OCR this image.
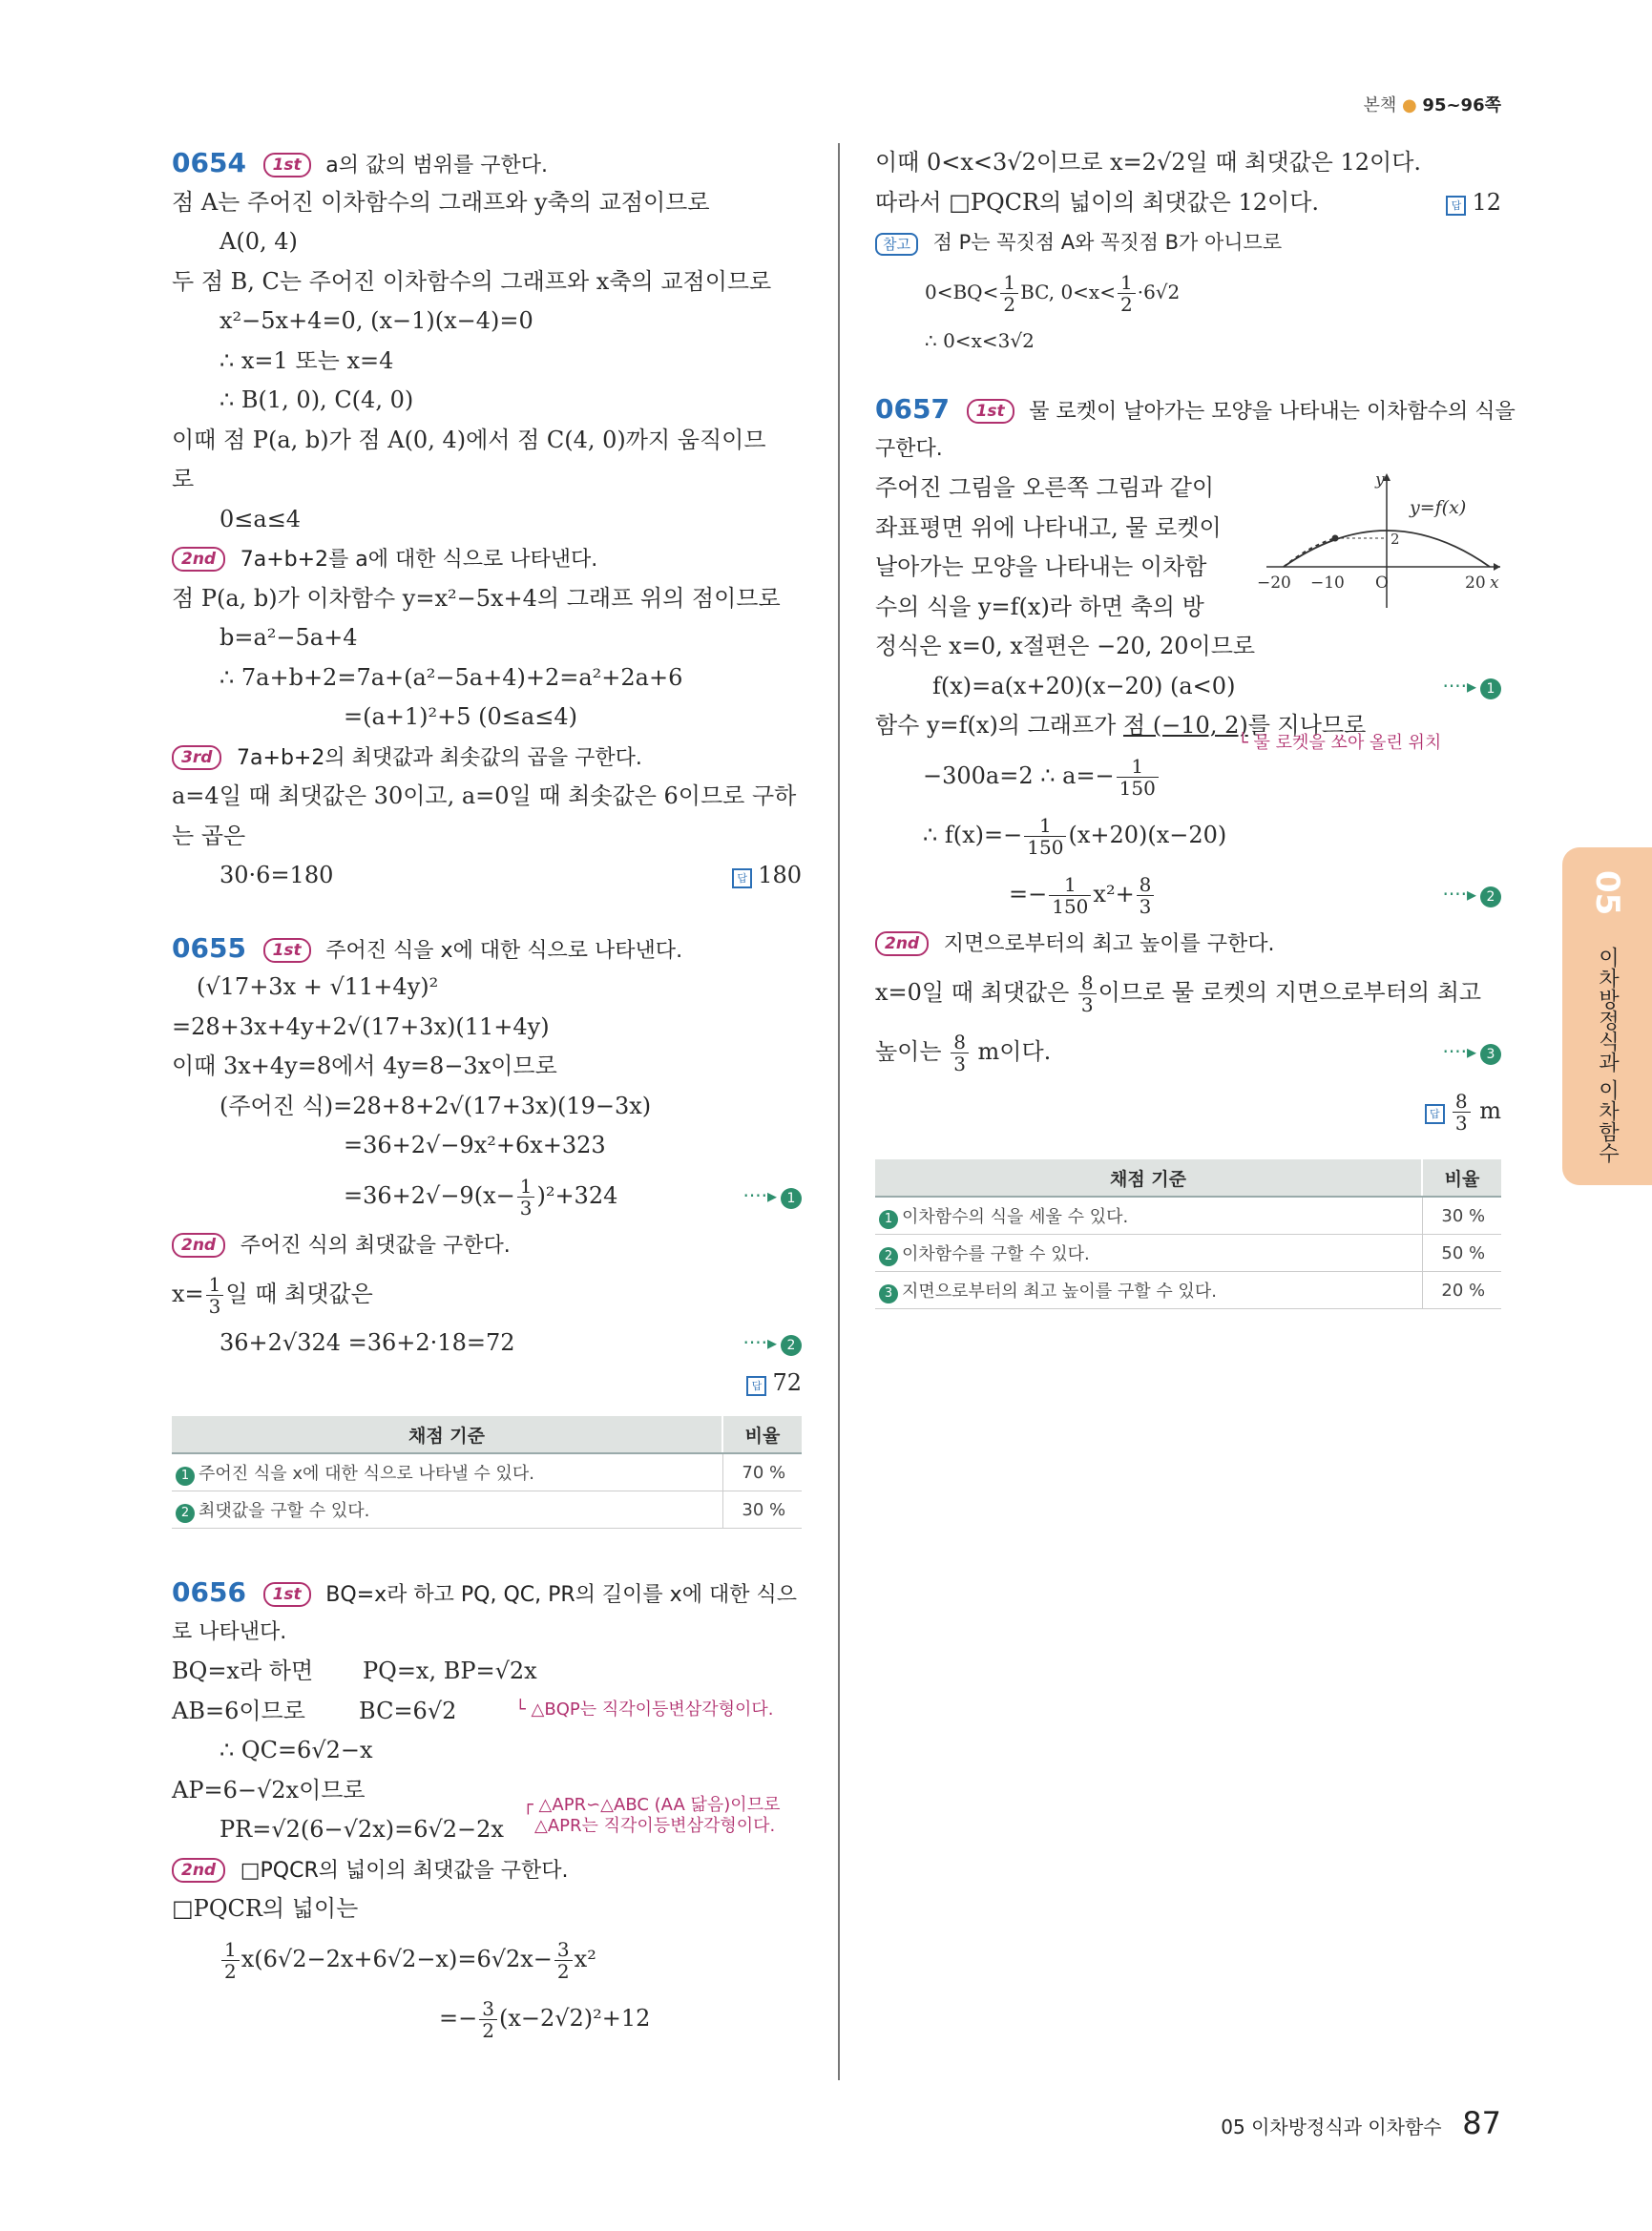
본책 ● 95~96쪽
0654 1st a의 값의 범위를 구한다.
점 A는 주어진 이차함수의 그래프와 y축의 교점이므로
A(0, 4)
두 점 B, C는 주어진 이차함수의 그래프와 x축의 교점이므로
x²−5x+4=0, (x−1)(x−4)=0
∴ x=1 또는 x=4
∴ B(1, 0), C(4, 0)
이때 점 P(a, b)가 점 A(0, 4)에서 점 C(4, 0)까지 움직이므
로
0≤a≤4
2nd 7a+b+2를 a에 대한 식으로 나타낸다.
점 P(a, b)가 이차함수 y=x²−5x+4의 그래프 위의 점이므로
b=a²−5a+4
∴ 7a+b+2=7a+(a²−5a+4)+2=a²+2a+6
=(a+1)²+5 (0≤a≤4)
3rd 7a+b+2의 최댓값과 최솟값의 곱을 구한다.
a=4일 때 최댓값은 30이고, a=0일 때 최솟값은 6이므로 구하
는 곱은
30·6=180	답 180
0655 1st 주어진 식을 x에 대한 식으로 나타낸다.
(√17+3x + √11+4y)²
=28+3x+4y+2√(17+3x)(11+4y)
이때 3x+4y=8에서 4y=8−3x이므로
(주어진 식)=28+8+2√(17+3x)(19−3x)
=36+2√−9x²+6x+323
$=36+2√-9(x- \frac{1}{3} )^2+324$	····▸ 1
2nd 주어진 식의 최댓값을 구한다.
$x= \frac{1}{3}$ 일 때 최댓값은
36+2√324 =36+2·18=72	····▸ 2
답 72
채점 기준	비율
1 주어진 식을 x에 대한 식으로 나타낼 수 있다.	70 %
2 최댓값을 구할 수 있다.	30 %
0656 1st BQ=x라 하고 PQ, QC, PR의 길이를 x에 대한 식으
로 나타낸다.
BQ=x라 하면 PQ=x, BP=√2x
AB=6이므로 BC=6√2	└ △BQP는 직각이등변삼각형이다.
∴ QC=6√2−x
AP=6−√2x이므로
PR=√2(6−√2x)=6√2−2x
┌ △APR∽△ABC (AA 닮음)이므로
△APR는 직각이등변삼각형이다.
2nd □PQCR의 넓이의 최댓값을 구한다.
□PQCR의 넓이는
$\frac{1}{2} x(6√2-2x+6√2-x)=6√2x- \frac{3}{2} x^2$
=− $\frac{3}{2} (x-2√2)^2+12$
이때 0<x<3√2이므로 x=2√2일 때 최댓값은 12이다.
따라서 □PQCR의 넓이의 최댓값은 12이다.	답 12
참고 점 P는 꼭짓점 A와 꼭짓점 B가 아니므로
$0<BQ< \frac{1}{2}$ BC, $0<x< \frac{1}{2} \cdot 6√2$
∴ 0<x<3√2
0657 1st 물 로켓이 날아가는 모양을 나타내는 이차함수의 식을
구한다.
y
y=f(x)
2
−20 −10 O	20 x
주어진 그림을 오른쪽 그림과 같이
좌표평면 위에 나타내고, 물 로켓이
날아가는 모양을 나타내는 이차함
수의 식을 y=f(x)라 하면 축의 방
정식은 x=0, x절편은 −20, 20이므로
f(x)=a(x+20)(x−20) (a<0)	····▸ 1
함수 y=f(x)의 그래프가 점 (−10, 2)를 지나므로
└ 물 로켓을 쏘아 올린 위치
−300a=2 ∴ $a=- \frac{1}{150}$
∴ $f(x)=- \frac{1}{150} (x+20)(x-20)$
=− $\frac{1}{150} x^2+ \frac{8}{3}$	····▸ 2
2nd 지면으로부터의 최고 높이를 구한다.
x=0일 때 최댓값은 $\frac{8}{3}$ 이므로 물 로켓의 지면으로부터의 최고
높이는 $\frac{8}{3}$ m이다.	····▸ 3
답 $\frac{8}{3}$ m
채점 기준	비율
1 이차함수의 식을 세울 수 있다.	30 %
2 이차함수를 구할 수 있다.	50 %
3 지면으로부터의 최고 높이를 구할 수 있다.	20 %
05
이차방정식과 이차함수
05 이차방정식과 이차함수 87
